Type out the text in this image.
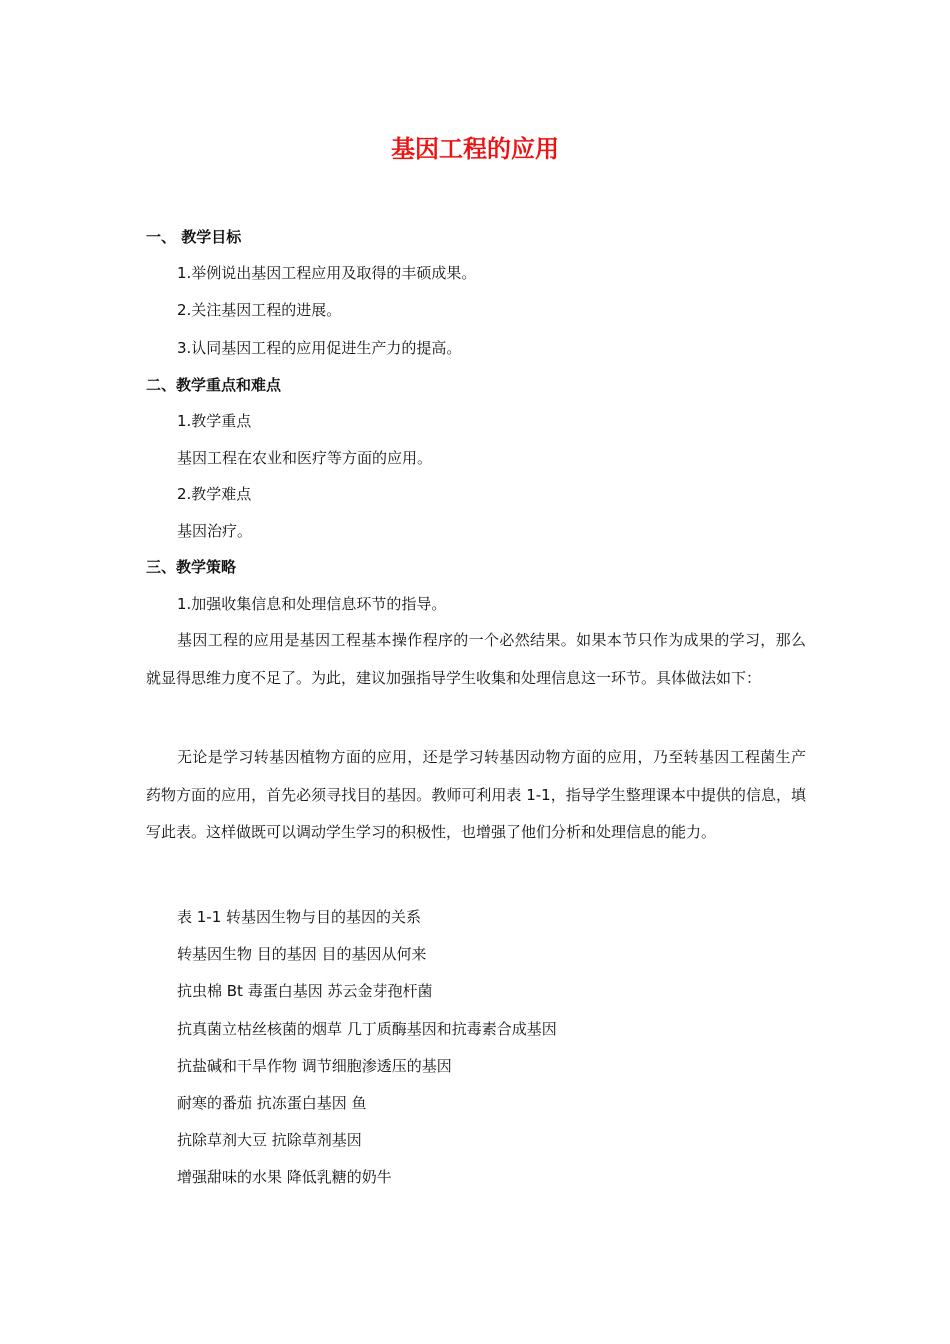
基因工程的应用
一、 教学目标
1.举例说出基因工程应用及取得的丰硕成果。
2.关注基因工程的进展。
3.认同基因工程的应用促进生产力的提高。
二、教学重点和难点
1.教学重点
基因工程在农业和医疗等方面的应用。
2.教学难点
基因治疗。
三、教学策略
1.加强收集信息和处理信息环节的指导。
基因工程的应用是基因工程基本操作程序的一个必然结果。如果本节只作为成果的学习，那么就显得思维力度不足了。为此，建议加强指导学生收集和处理信息这一环节。具体做法如下：
无论是学习转基因植物方面的应用，还是学习转基因动物方面的应用，乃至转基因工程菌生产药物方面的应用，首先必须寻找目的基因。教师可利用表 1-1，指导学生整理课本中提供的信息，填写此表。这样做既可以调动学生学习的积极性，也增强了他们分析和处理信息的能力。
表 1-1 转基因生物与目的基因的关系
转基因生物 目的基因 目的基因从何来
抗虫棉 Bt 毒蛋白基因 苏云金芽孢杆菌
抗真菌立枯丝核菌的烟草 几丁质酶基因和抗毒素合成基因
抗盐碱和干旱作物 调节细胞渗透压的基因
耐寒的番茄 抗冻蛋白基因 鱼
抗除草剂大豆 抗除草剂基因
增强甜味的水果 降低乳糖的奶牛
